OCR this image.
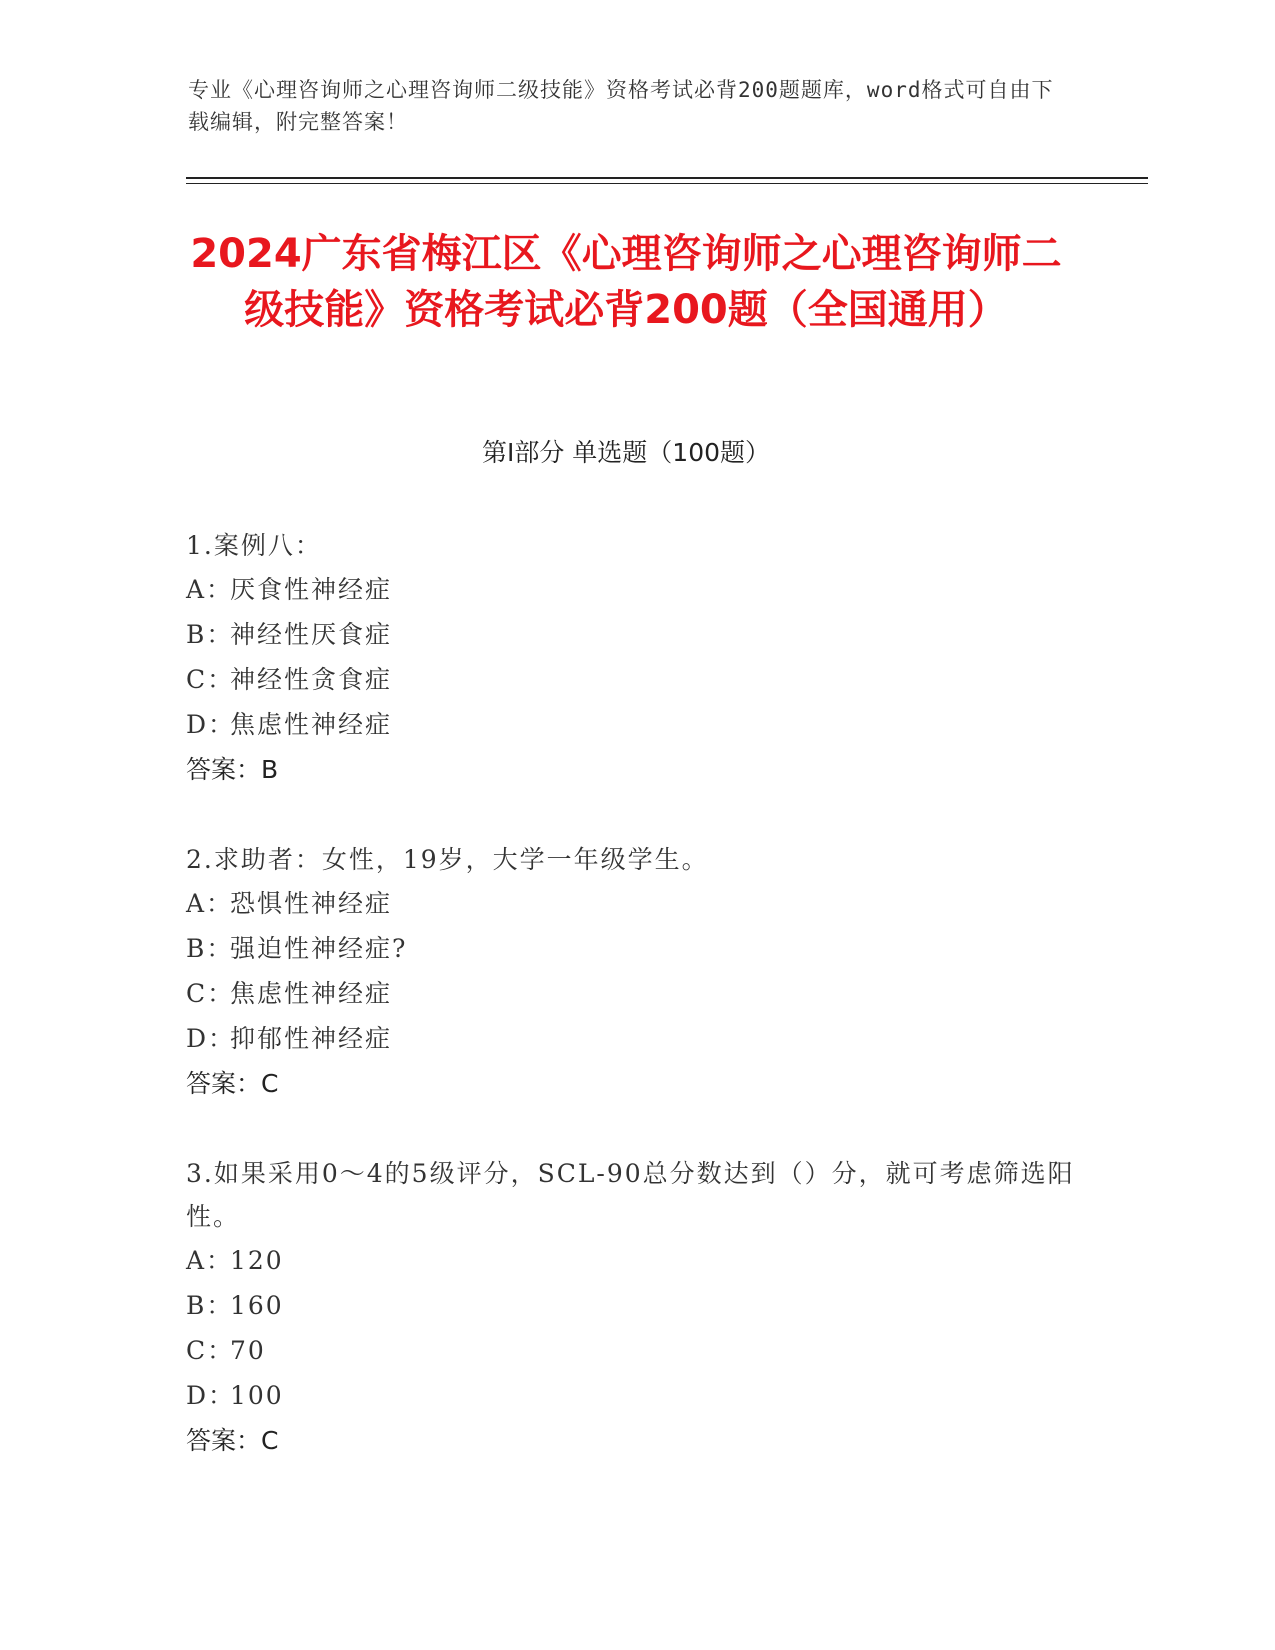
专业《心理咨询师之心理咨询师二级技能》资格考试必背200题题库，word格式可自由下载编辑，附完整答案！
2024广东省梅江区《心理咨询师之心理咨询师二级技能》资格考试必背200题（全国通用）
第I部分 单选题（100题）
1.案例八：
A：厌食性神经症
B：神经性厌食症
C：神经性贪食症
D：焦虑性神经症
答案：B
2.求助者：女性，19岁，大学一年级学生。
A：恐惧性神经症
B：强迫性神经症?
C：焦虑性神经症
D：抑郁性神经症
答案：C
3.如果采用0～4的5级评分，SCL-90总分数达到（）分，就可考虑筛选阳性。
A：120
B：160
C：70
D：100
答案：C
